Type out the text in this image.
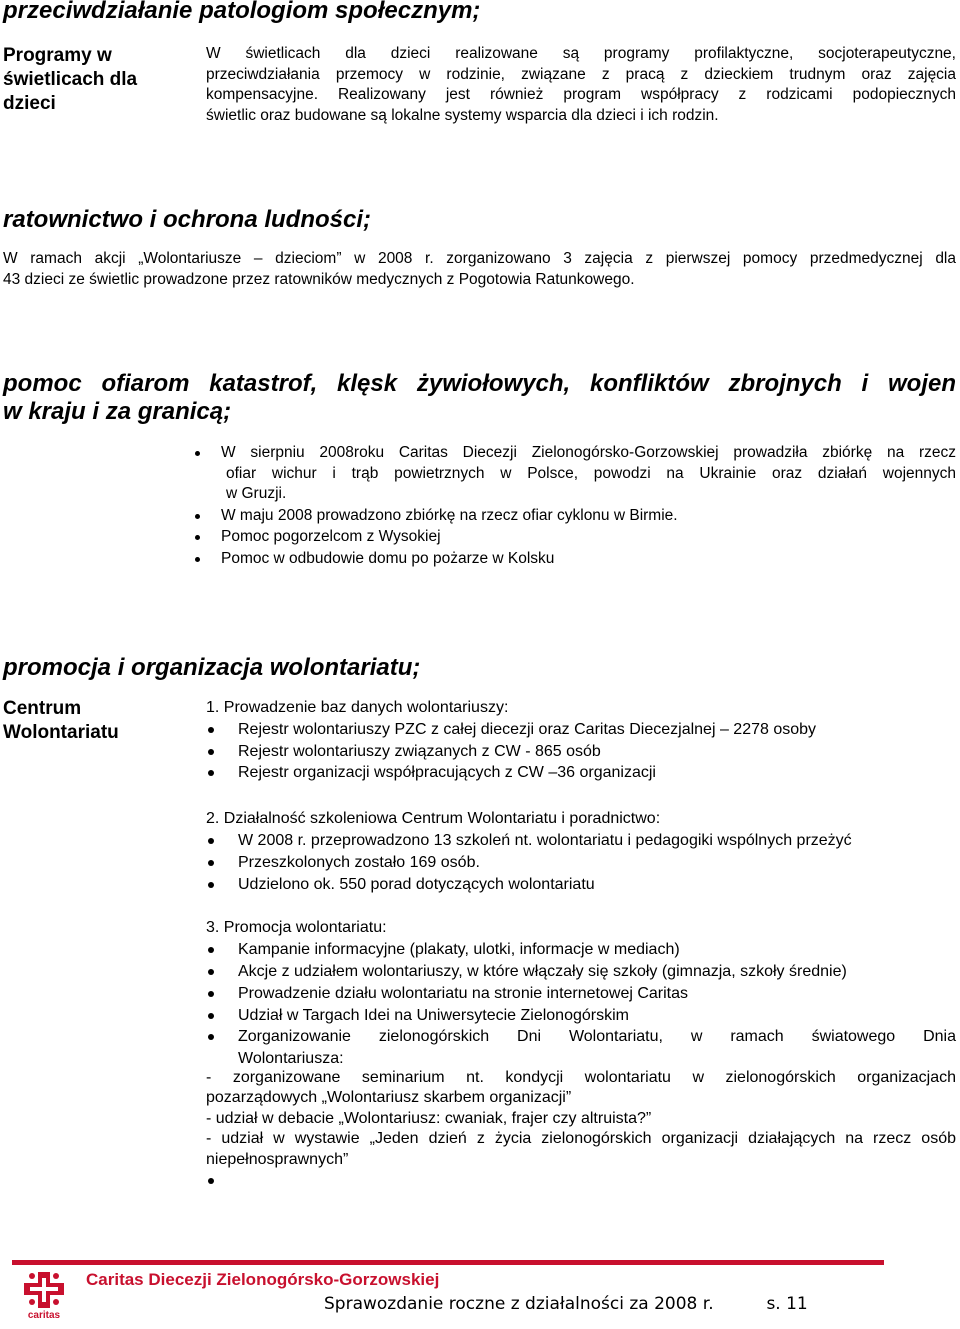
przeciwdziałanie patologiom społecznym;
Programy w świetlicach dla dzieci
W świetlicach dla dzieci realizowane są programy profilaktyczne, socjoterapeutyczne,
przeciwdziałania przemocy w rodzinie, związane z pracą z dzieckiem trudnym oraz zajęcia
kompensacyjne. Realizowany jest również program współpracy z rodzicami podopiecznych
świetlic oraz budowane są lokalne systemy wsparcia dla dzieci i ich rodzin.
ratownictwo i ochrona ludności;
W ramach akcji „Wolontariusze – dzieciom” w 2008 r. zorganizowano 3 zajęcia z pierwszej pomocy przedmedycznej dla
43 dzieci ze świetlic prowadzone przez ratowników medycznych z Pogotowia Ratunkowego.
pomoc ofiarom katastrof, klęsk żywiołowych, konfliktów zbrojnych i wojen
w kraju i za granicą;
W sierpniu 2008roku Caritas Diecezji Zielonogórsko-Gorzowskiej prowadziła zbiórkę na rzecz
ofiar wichur i trąb powietrznych w Polsce, powodzi na Ukrainie oraz działań wojennych
w Gruzji.
W maju 2008 prowadzono zbiórkę na rzecz ofiar cyklonu w Birmie.
Pomoc pogorzelcom z Wysokiej
Pomoc w odbudowie domu po pożarze w Kolsku
promocja i organizacja wolontariatu;
Centrum Wolontariatu
1. Prowadzenie baz danych wolontariuszy:
Rejestr wolontariuszy PZC z całej diecezji oraz Caritas Diecezjalnej – 2278 osoby
Rejestr wolontariuszy związanych z CW - 865 osób
Rejestr organizacji współpracujących z CW –36 organizacji
2. Działalność szkoleniowa Centrum Wolontariatu i poradnictwo:
W 2008 r. przeprowadzono 13 szkoleń nt. wolontariatu i pedagogiki wspólnych przeżyć
Przeszkolonych zostało 169 osób.
Udzielono ok. 550 porad dotyczących wolontariatu
3. Promocja wolontariatu:
Kampanie informacyjne (plakaty, ulotki, informacje w mediach)
Akcje z udziałem wolontariuszy, w które włączały się szkoły (gimnazja, szkoły średnie)
Prowadzenie działu wolontariatu na stronie internetowej Caritas
Udział w Targach Idei na Uniwersytecie Zielonogórskim
Zorganizowanie zielonogórskich Dni Wolontariatu, w ramach światowego Dnia
Wolontariusza:
- zorganizowane seminarium nt. kondycji wolontariatu w zielonogórskich organizacjach
pozarządowych „Wolontariusz skarbem organizacji”
- udział w debacie „Wolontariusz: cwaniak, frajer czy altruista?”
- udział w wystawie „Jeden dzień z życia zielonogórskich organizacji działających na rzecz osób
niepełnosprawnych”
caritas
Caritas Diecezji Zielonogórsko-Gorzowskiej
Sprawozdanie roczne z działalności za 2008 r.	s. 11
